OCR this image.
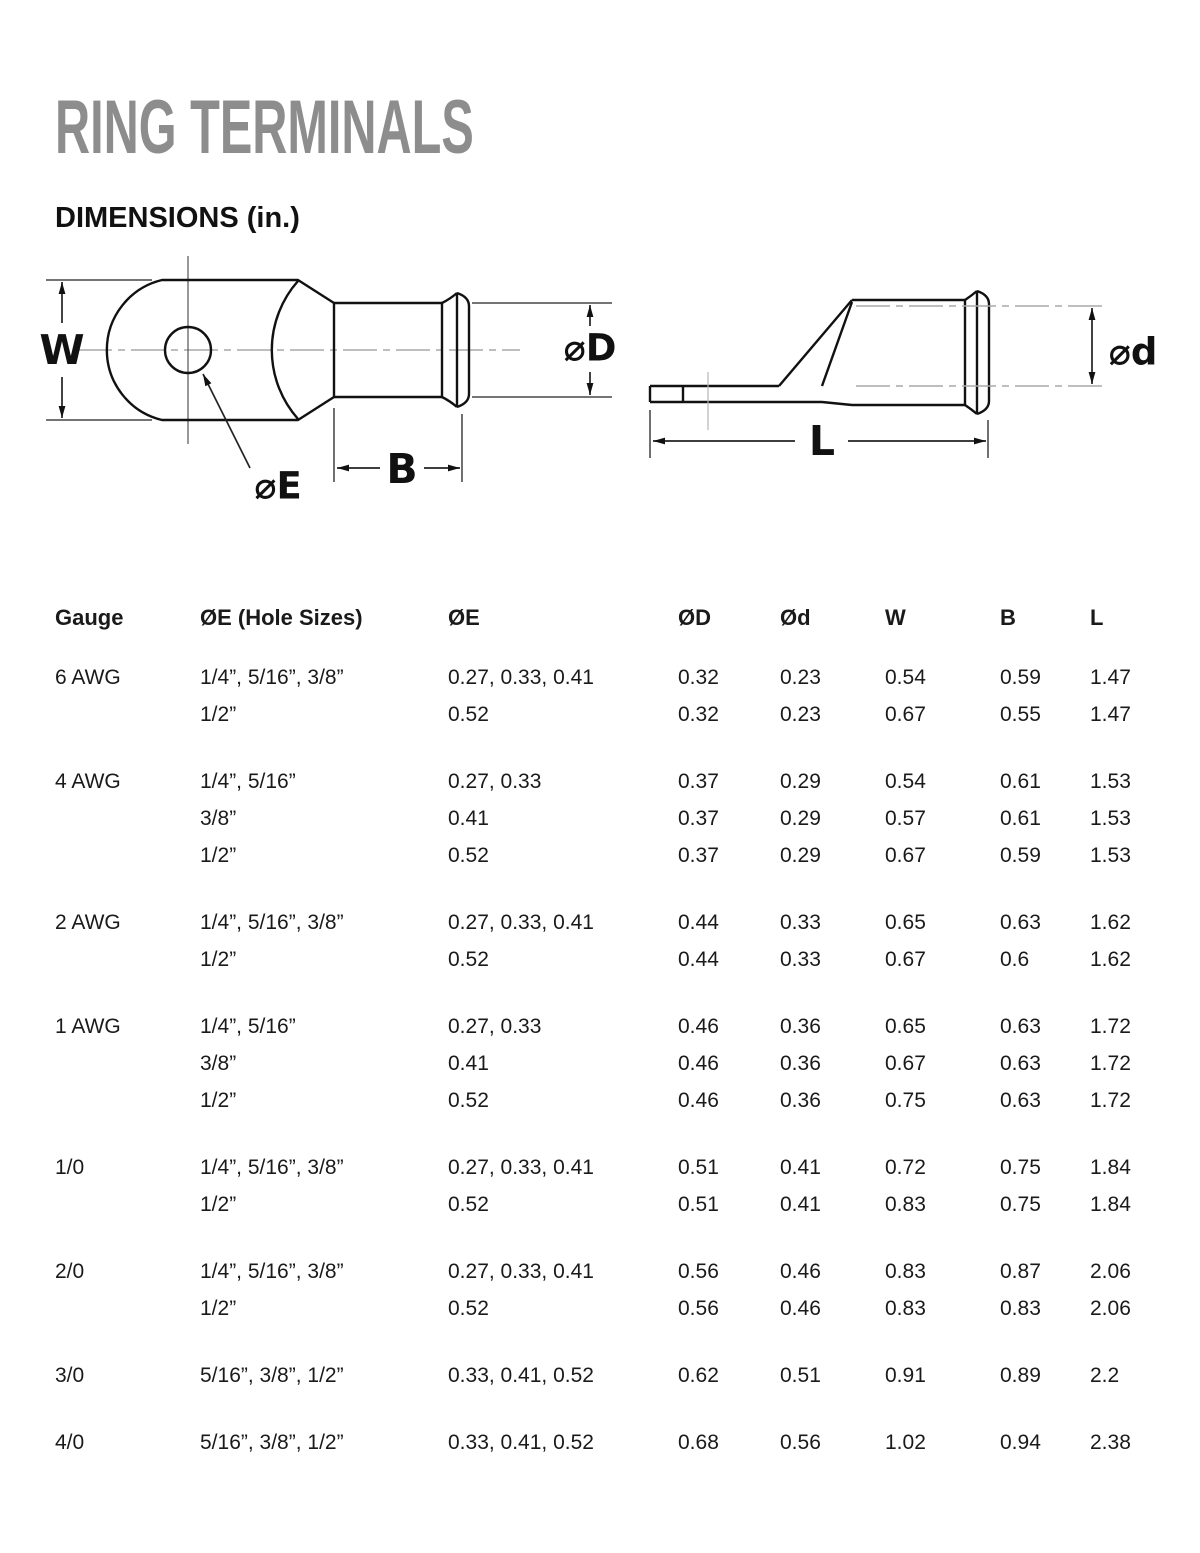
RING TERMINALS
DIMENSIONS (in.)
W	⌀D
B
⌀E
⌀d
L
Gauge	ØE (Hole Sizes)	ØE	ØD	Ød	W	B	L
6 AWG	1/4”, 5/16”, 3/8”	0.27, 0.33, 0.41	0.32	0.23	0.54	0.59	1.47
1/2”	0.52	0.32	0.23	0.67	0.55	1.47
4 AWG	1/4”, 5/16”	0.27, 0.33	0.37	0.29	0.54	0.61	1.53
3/8”	0.41	0.37	0.29	0.57	0.61	1.53
1/2”	0.52	0.37	0.29	0.67	0.59	1.53
2 AWG	1/4”, 5/16”, 3/8”	0.27, 0.33, 0.41	0.44	0.33	0.65	0.63	1.62
1/2”	0.52	0.44	0.33	0.67	0.6	1.62
1 AWG	1/4”, 5/16”	0.27, 0.33	0.46	0.36	0.65	0.63	1.72
3/8”	0.41	0.46	0.36	0.67	0.63	1.72
1/2”	0.52	0.46	0.36	0.75	0.63	1.72
1/0	1/4”, 5/16”, 3/8”	0.27, 0.33, 0.41	0.51	0.41	0.72	0.75	1.84
1/2”	0.52	0.51	0.41	0.83	0.75	1.84
2/0	1/4”, 5/16”, 3/8”	0.27, 0.33, 0.41	0.56	0.46	0.83	0.87	2.06
1/2”	0.52	0.56	0.46	0.83	0.83	2.06
3/0	5/16”, 3/8”, 1/2”	0.33, 0.41, 0.52	0.62	0.51	0.91	0.89	2.2
4/0	5/16”, 3/8”, 1/2”	0.33, 0.41, 0.52	0.68	0.56	1.02	0.94	2.38
